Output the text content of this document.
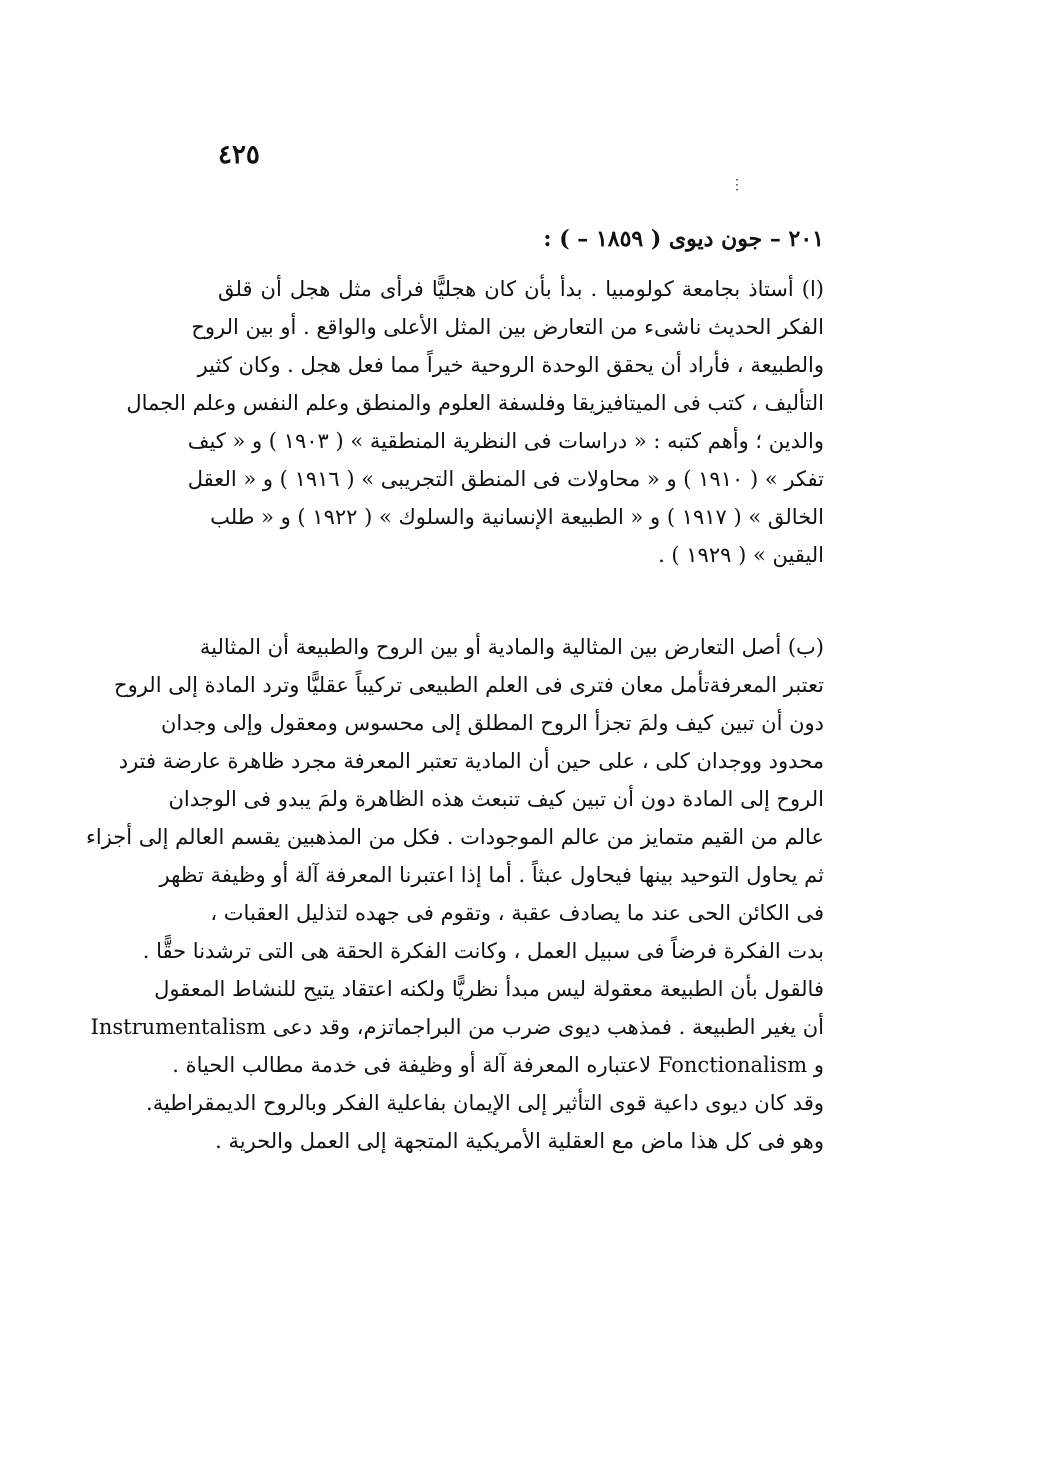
٤٢٥
⋮
٢٠١ – جون ديوى ( ١٨٥٩ – ) :
(ا) أستاذ بجامعة كولومبيا . بدأ بأن كان هجليًّا فرأى مثل هجل أن قلق
الفكر الحديث ناشىء من التعارض بين المثل الأعلى والواقع . أو بين الروح
والطبيعة ، فأراد أن يحقق الوحدة الروحية خيراً مما فعل هجل . وكان كثير
التأليف ، كتب فى الميتافيزيقا وفلسفة العلوم والمنطق وعلم النفس وعلم الجمال
والدين ؛ وأهم كتبه : « دراسات فى النظرية المنطقية » ( ١٩٠٣ ) و « كيف
تفكر » ( ١٩١٠ ) و « محاولات فى المنطق التجريبى » ( ١٩١٦ ) و « العقل
الخالق » ( ١٩١٧ ) و « الطبيعة الإنسانية والسلوك » ( ١٩٢٢ ) و « طلب
اليقين » ( ١٩٢٩ ) .
(ب) أصل التعارض بين المثالية والمادية أو بين الروح والطبيعة أن المثالية
تعتبر المعرفةتأمل معان فترى فى العلم الطبيعى تركيباً عقليًّا وترد المادة إلى الروح
دون أن تبين كيف ولمَ تجزأ الروح المطلق إلى محسوس ومعقول وإلى وجدان
محدود ووجدان كلى ، على حين أن المادية تعتبر المعرفة مجرد ظاهرة عارضة فترد
الروح إلى المادة دون أن تبين كيف تنبعث هذه الظاهرة ولمَ يبدو فى الوجدان
عالم من القيم متمايز من عالم الموجودات . فكل من المذهبين يقسم العالم إلى أجزاء
ثم يحاول التوحيد بينها فيحاول عبثاً . أما إذا اعتبرنا المعرفة آلة أو وظيفة تظهر
فى الكائن الحى عند ما يصادف عقبة ، وتقوم فى جهده لتذليل العقبات ،
بدت الفكرة فرضاً فى سبيل العمل ، وكانت الفكرة الحقة هى التى ترشدنا حقًّا .
فالقول بأن الطبيعة معقولة ليس مبدأ نظريًّا ولكنه اعتقاد يتيح للنشاط المعقول
أن يغير الطبيعة . فمذهب ديوى ضرب من البراجماتزم، وقد دعى Instrumentalism
و Fonctionalism لاعتباره المعرفة آلة أو وظيفة فى خدمة مطالب الحياة .
وقد كان ديوى داعية قوى التأثير إلى الإيمان بفاعلية الفكر وبالروح الديمقراطية.
وهو فى كل هذا ماض مع العقلية الأمريكية المتجهة إلى العمل والحرية .
